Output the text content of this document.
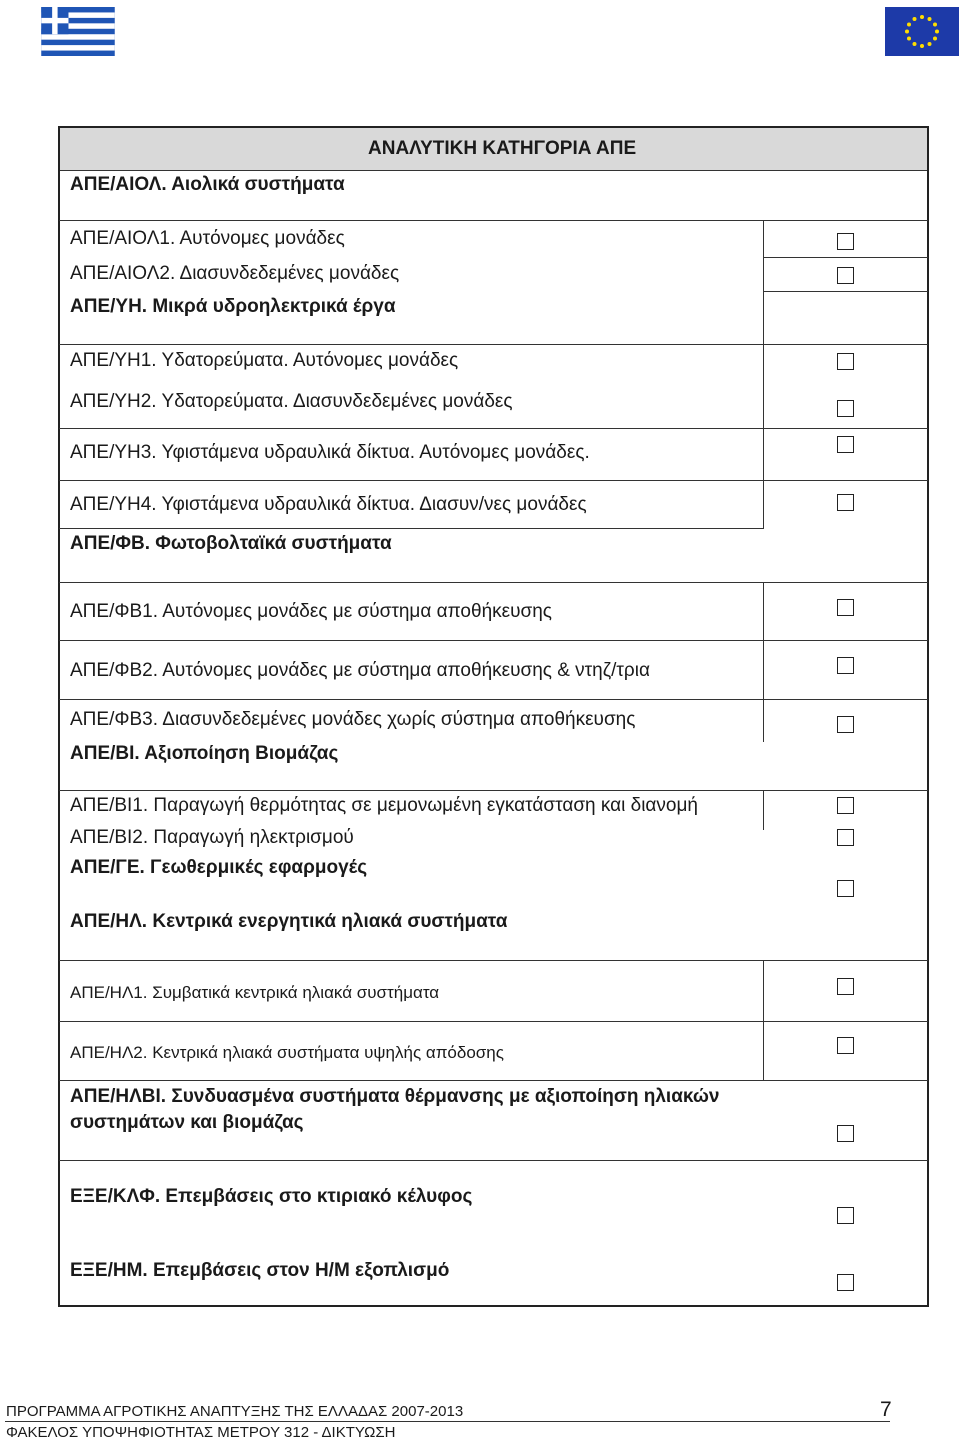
ΑΝΑΛΥΤΙΚΗ ΚΑΤΗΓΟΡΙΑ ΑΠΕ
ΑΠΕ/ΑΙΟΛ. Αιολικά συστήματα
ΑΠΕ/ΑΙΟΛ1. Αυτόνομες μονάδες
ΑΠΕ/ΑΙΟΛ2. Διασυνδεδεμένες μονάδες
ΑΠΕ/ΥΗ. Μικρά υδροηλεκτρικά έργα
ΑΠΕ/ΥΗ1. Υδατορεύματα. Αυτόνομες μονάδες
ΑΠΕ/ΥΗ2. Υδατορεύματα. Διασυνδεδεμένες μονάδες
ΑΠΕ/ΥΗ3. Υφιστάμενα υδραυλικά δίκτυα. Αυτόνομες μονάδες.
ΑΠΕ/ΥΗ4. Υφιστάμενα υδραυλικά δίκτυα. Διασυν/νες μονάδες
ΑΠΕ/ΦΒ. Φωτοβολταϊκά συστήματα
ΑΠΕ/ΦΒ1. Αυτόνομες μονάδες με σύστημα αποθήκευσης
ΑΠΕ/ΦΒ2. Αυτόνομες μονάδες με σύστημα αποθήκευσης & ντηζ/τρια
ΑΠΕ/ΦΒ3. Διασυνδεδεμένες μονάδες χωρίς σύστημα αποθήκευσης
ΑΠΕ/ΒΙ. Αξιοποίηση Βιομάζας
ΑΠΕ/ΒΙ1. Παραγωγή θερμότητας σε μεμονωμένη εγκατάσταση και διανομή
ΑΠΕ/ΒΙ2. Παραγωγή ηλεκτρισμού
ΑΠΕ/ΓΕ. Γεωθερμικές εφαρμογές
ΑΠΕ/ΗΛ. Κεντρικά ενεργητικά ηλιακά συστήματα
ΑΠΕ/ΗΛ1. Συμβατικά κεντρικά ηλιακά συστήματα
ΑΠΕ/ΗΛ2. Κεντρικά ηλιακά συστήματα υψηλής απόδοσης
ΑΠΕ/ΗΛΒΙ. Συνδυασμένα συστήματα θέρμανσης με αξιοποίηση ηλιακών
συστημάτων και βιομάζας
ΕΞΕ/ΚΛΦ. Επεμβάσεις στο κτιριακό κέλυφος
ΕΞΕ/ΗΜ. Επεμβάσεις στον Η/Μ εξοπλισμό
ΠΡΟΓΡΑΜΜΑ ΑΓΡΟΤΙΚΗΣ ΑΝΑΠΤΥΞΗΣ ΤΗΣ ΕΛΛΑΔΑΣ 2007-2013	7
ΦΑΚΕΛΟΣ ΥΠΟΨΗΦΙΟΤΗΤΑΣ ΜΕΤΡΟΥ 312 - ΔΙΚΤΥΩΣΗ
